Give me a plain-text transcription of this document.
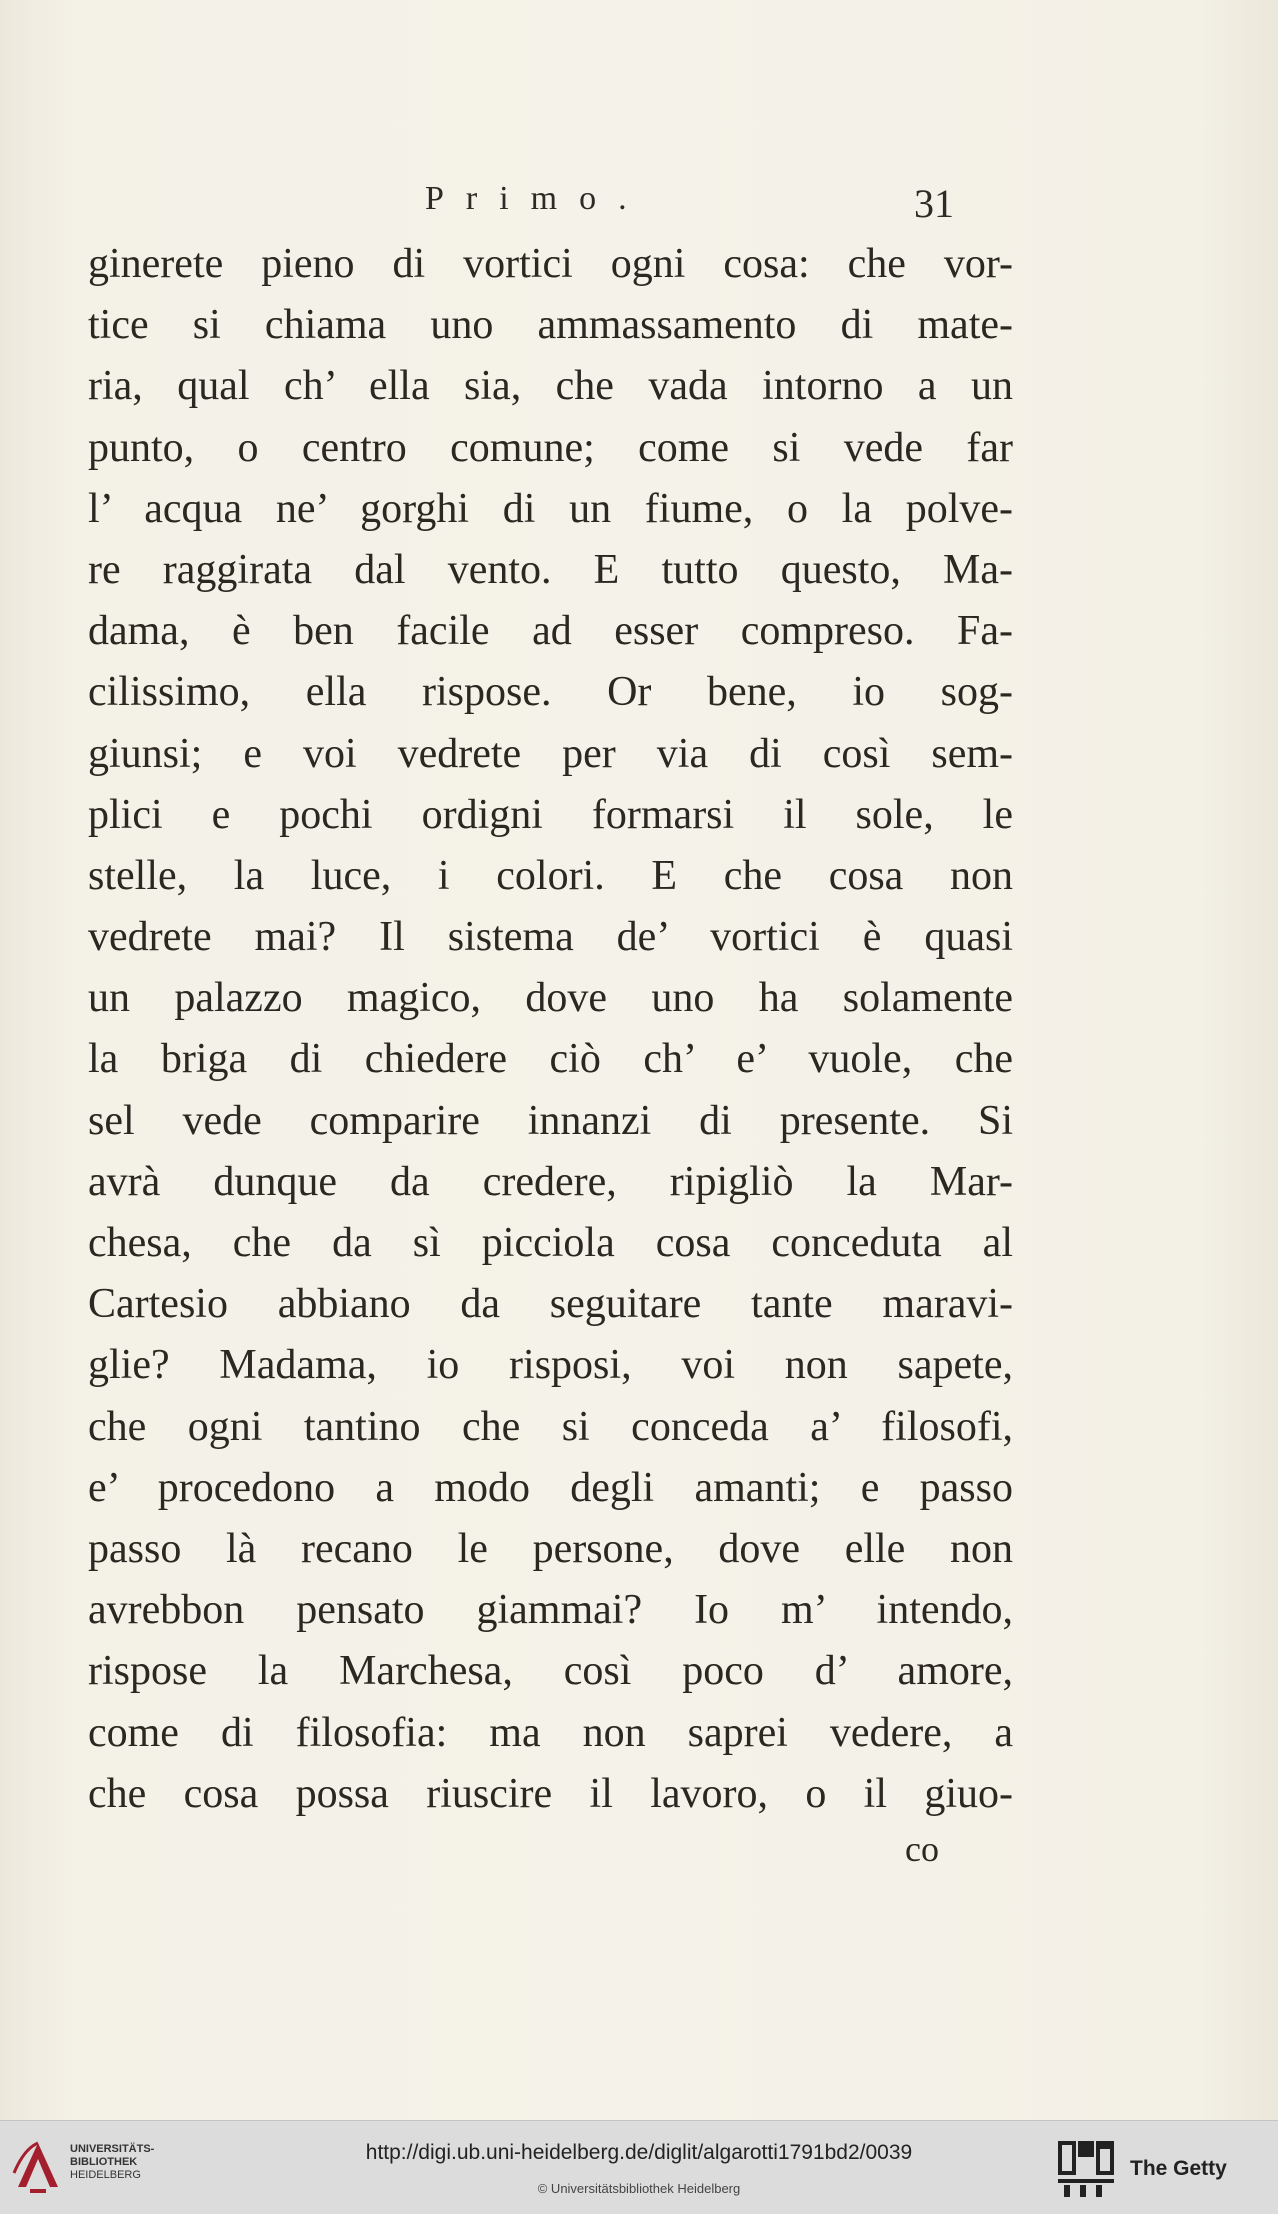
Primo.	31
ginerete pieno di vortici ogni cosa: che vor-
tice si chiama uno ammassamento di mate-
ria, qual ch’ ella sia, che vada intorno a un
punto, o centro comune; come si vede far
l’ acqua ne’ gorghi di un fiume, o la polve-
re raggirata dal vento. E tutto questo, Ma-
dama, è ben facile ad esser compreso. Fa-
cilissimo, ella rispose. Or bene, io sog-
giunsi; e voi vedrete per via di così sem-
plici e pochi ordigni formarsi il sole, le
stelle, la luce, i colori. E che cosa non
vedrete mai? Il sistema de’ vortici è quasi
un palazzo magico, dove uno ha solamente
la briga di chiedere ciò ch’ e’ vuole, che
sel vede comparire innanzi di presente. Si
avrà dunque da credere, ripigliò la Mar-
chesa, che da sì picciola cosa conceduta al
Cartesio abbiano da seguitare tante maravi-
glie? Madama, io risposi, voi non sapete,
che ogni tantino che si conceda a’ filosofi,
e’ procedono a modo degli amanti; e passo
passo là recano le persone, dove elle non
avrebbon pensato giammai? Io m’ intendo,
rispose la Marchesa, così poco d’ amore,
come di filosofia: ma non saprei vedere, a
che cosa possa riuscire il lavoro, o il giuo-
co
UNIVERSITÄTS-
BIBLIOTHEK
HEIDELBERG
http://digi.ub.uni-heidelberg.de/diglit/algarotti1791bd2/0039
© Universitätsbibliothek Heidelberg
The Getty
